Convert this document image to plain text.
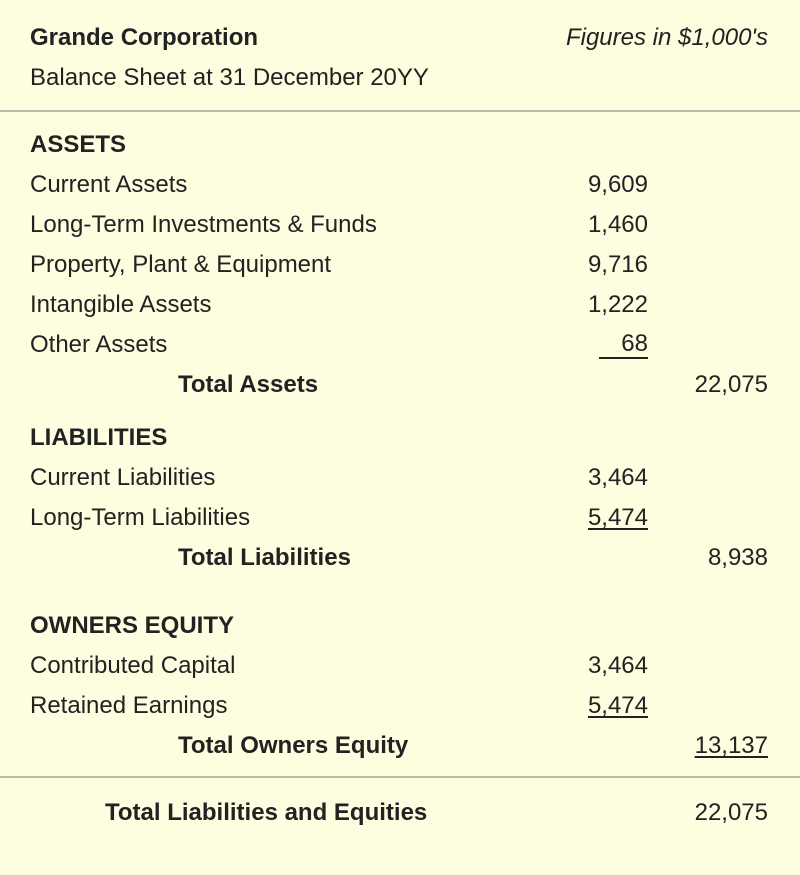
Grande Corporation	Figures in $1,000's
Balance Sheet at 31 December 20YY
ASSETS
Current Assets	9,609
Long-Term Investments & Funds	1,460
Property, Plant & Equipment	9,716
Intangible Assets	1,222
Other Assets	68
Total Assets	22,075
LIABILITIES
Current Liabilities	3,464
Long-Term Liabilities	5,474
Total Liabilities	8,938
OWNERS EQUITY
Contributed Capital	3,464
Retained Earnings	5,474
Total Owners Equity	13,137
Total Liabilities and Equities	22,075
